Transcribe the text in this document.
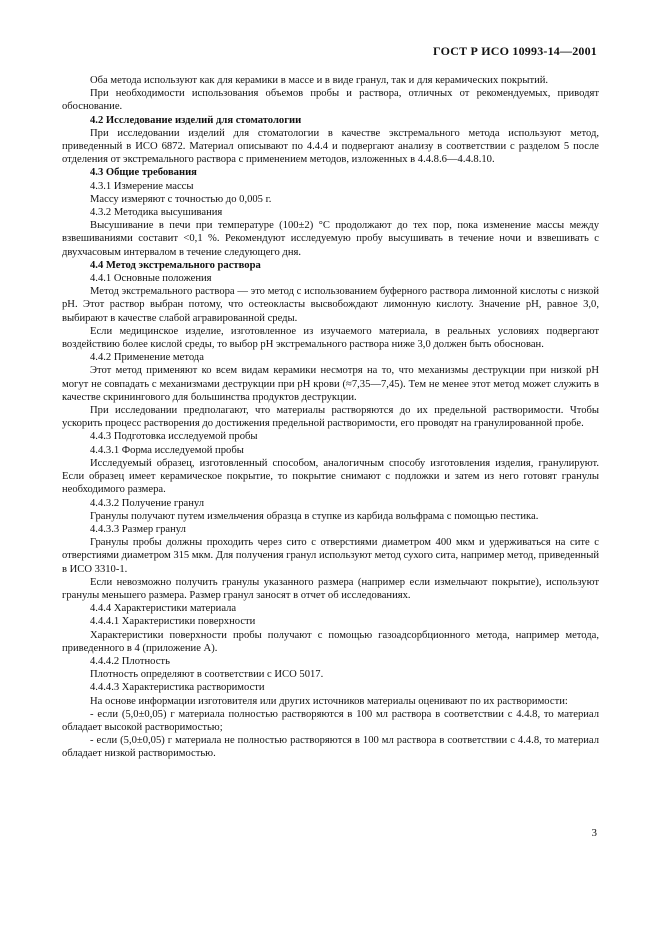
ГОСТ Р ИСО 10993-14—2001

Оба метода используют как для керамики в массе и в виде гранул, так и для керамических покрытий.

При необходимости использования объемов пробы и раствора, отличных от рекомендуемых, приводят обоснование.

4.2 Исследование изделий для стоматологии

При исследовании изделий для стоматологии в качестве экстремального метода используют метод, приведенный в ИСО 6872. Материал описывают по 4.4.4 и подвергают анализу в соответствии с разделом 5 после отделения от экстремального раствора с применением методов, изложенных в 4.4.8.6—4.4.8.10.

4.3 Общие требования

4.3.1 Измерение массы

Массу измеряют с точностью до 0,005 г.

4.3.2 Методика высушивания

Высушивание в печи при температуре (100±2) °С продолжают до тех пор, пока изменение массы между взвешиваниями составит <0,1 %. Рекомендуют исследуемую пробу высушивать в течение ночи и взвешивать с двухчасовым интервалом в течение следующего дня.

4.4 Метод экстремального раствора

4.4.1 Основные положения

Метод экстремального раствора — это метод с использованием буферного раствора лимонной кислоты с низкой рН. Этот раствор выбран потому, что остеокласты высвобождают лимонную кислоту. Значение рН, равное 3,0, выбирают в качестве слабой агравированной среды.

Если медицинское изделие, изготовленное из изучаемого материала, в реальных условиях подвергают воздействию более кислой среды, то выбор рН экстремального раствора ниже 3,0 должен быть обоснован.

4.4.2 Применение метода

Этот метод применяют ко всем видам керамики несмотря на то, что механизмы деструкции при низкой рН могут не совпадать с механизмами деструкции при рН крови (≈7,35—7,45). Тем не менее этот метод может служить в качестве скринингового для большинства продуктов деструкции.

При исследовании предполагают, что материалы растворяются до их предельной растворимости. Чтобы ускорить процесс растворения до достижения предельной растворимости, его проводят на гранулированной пробе.

4.4.3 Подготовка исследуемой пробы

4.4.3.1 Форма исследуемой пробы

Исследуемый образец, изготовленный способом, аналогичным способу изготовления изделия, гранулируют. Если образец имеет керамическое покрытие, то покрытие снимают с подложки и затем из него готовят гранулы необходимого размера.

4.4.3.2 Получение гранул

Гранулы получают путем измельчения образца в ступке из карбида вольфрама с помощью пестика.

4.4.3.3 Размер гранул

Гранулы пробы должны проходить через сито с отверстиями диаметром 400 мкм и удерживаться на сите с отверстиями диаметром 315 мкм. Для получения гранул используют метод сухого сита, например метод, приведенный в ИСО 3310-1.

Если невозможно получить гранулы указанного размера (например если измельчают покрытие), используют гранулы меньшего размера. Размер гранул заносят в отчет об исследованиях.

4.4.4 Характеристики материала

4.4.4.1 Характеристики поверхности

Характеристики поверхности пробы получают с помощью газоадсорбционного метода, например метода, приведенного в 4 (приложение А).

4.4.4.2 Плотность

Плотность определяют в соответствии с ИСО 5017.

4.4.4.3 Характеристика растворимости

На основе информации изготовителя или других источников материалы оценивают по их растворимости:

- если (5,0±0,05) г материала полностью растворяются в 100 мл раствора в соответствии с 4.4.8, то материал обладает высокой растворимостью;

- если (5,0±0,05) г материала не полностью растворяются в 100 мл раствора в соответствии с 4.4.8, то материал обладает низкой растворимостью.

3
